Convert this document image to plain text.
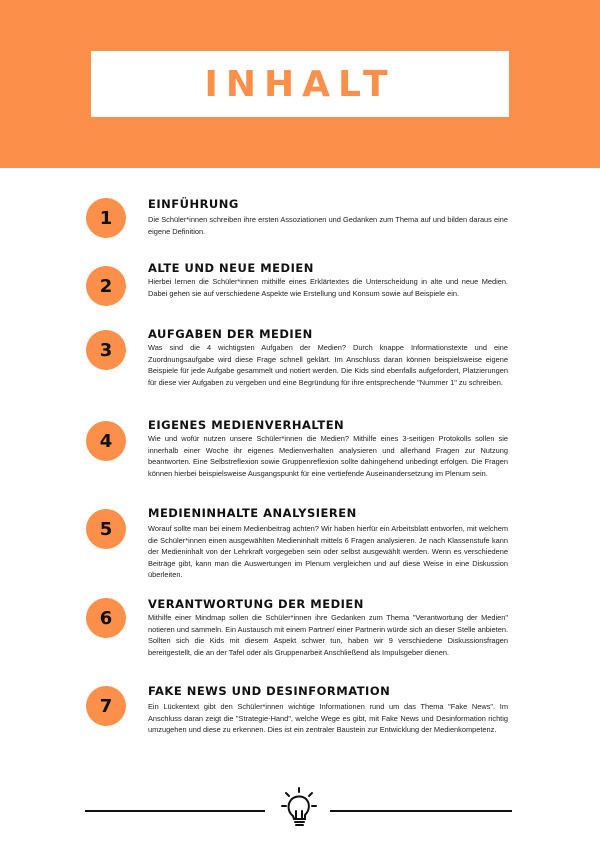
INHALT
1
EINFÜHRUNG
Die Schüler*innen schreiben ihre ersten Assoziationen und Gedanken zum Thema auf und bilden daraus eine eigene Definition.
2
ALTE UND NEUE MEDIEN
Hierbei lernen die Schüler*innen mithilfe eines Erklärtextes die Unterscheidung in alte und neue Medien. Dabei gehen sie auf verschiedene Aspekte wie Erstellung und Konsum sowie auf Beispiele ein.
3
AUFGABEN DER MEDIEN
Was sind die 4 wichtigsten Aufgaben der Medien? Durch knappe Informationstexte und eine Zuordnungsaufgabe wird diese Frage schnell geklärt. Im Anschluss daran können beispielsweise eigene Beispiele für jede Aufgabe gesammelt und notiert werden. Die Kids sind ebenfalls aufgefordert, Platzierungen für diese vier Aufgaben zu vergeben und eine Begründung für ihre entsprechende "Nummer 1" zu schreiben.
4
EIGENES MEDIENVERHALTEN
Wie und wofür nutzen unsere Schüler*innen die Medien? Mithilfe eines 3-seitigen Protokolls sollen sie innerhalb einer Woche ihr eigenes Medienverhalten analysieren und allerhand Fragen zur Nutzung beantworten. Eine Selbstreflexion sowie Gruppenreflexion sollte dahingehend unbedingt erfolgen. Die Fragen können hierbei beispielsweise Ausgangspunkt für eine vertiefende Auseinandersetzung im Plenum sein.
5
MEDIENINHALTE ANALYSIEREN
Worauf sollte man bei einem Medienbeitrag achten? Wir haben hierfür ein Arbeitsblatt entworfen, mit welchem die Schüler*innen einen ausgewählten Medieninhalt mittels 6 Fragen analysieren. Je nach Klassenstufe kann der Medieninhalt von der Lehrkraft vorgegeben sein oder selbst ausgewählt werden. Wenn es verschiedene Beiträge gibt, kann man die Auswertungen im Plenum vergleichen und auf diese Weise in eine Diskussion überleiten.
6
VERANTWORTUNG DER MEDIEN
Mithilfe einer Mindmap sollen die Schüler*innen ihre Gedanken zum Thema "Verantwortung der Medien" notieren und sammeln. Ein Austausch mit einem Partner/ einer Partnerin würde sich an dieser Stelle anbieten. Sollten sich die Kids mit diesem Aspekt schwer tun, haben wir 9 verschiedene Diskussionsfragen bereitgestellt, die an der Tafel oder als Gruppenarbeit Anschließend als Impulsgeber dienen.
7
FAKE NEWS UND DESINFORMATION
Ein Lückentext gibt den Schüler*innen wichtige Informationen rund um das Thema "Fake News". Im Anschluss daran zeigt die "Strategie-Hand", welche Wege es gibt, mit Fake News und Desinformation richtig umzugehen und diese zu erkennen. Dies ist ein zentraler Baustein zur Entwicklung der Medienkompetenz.
